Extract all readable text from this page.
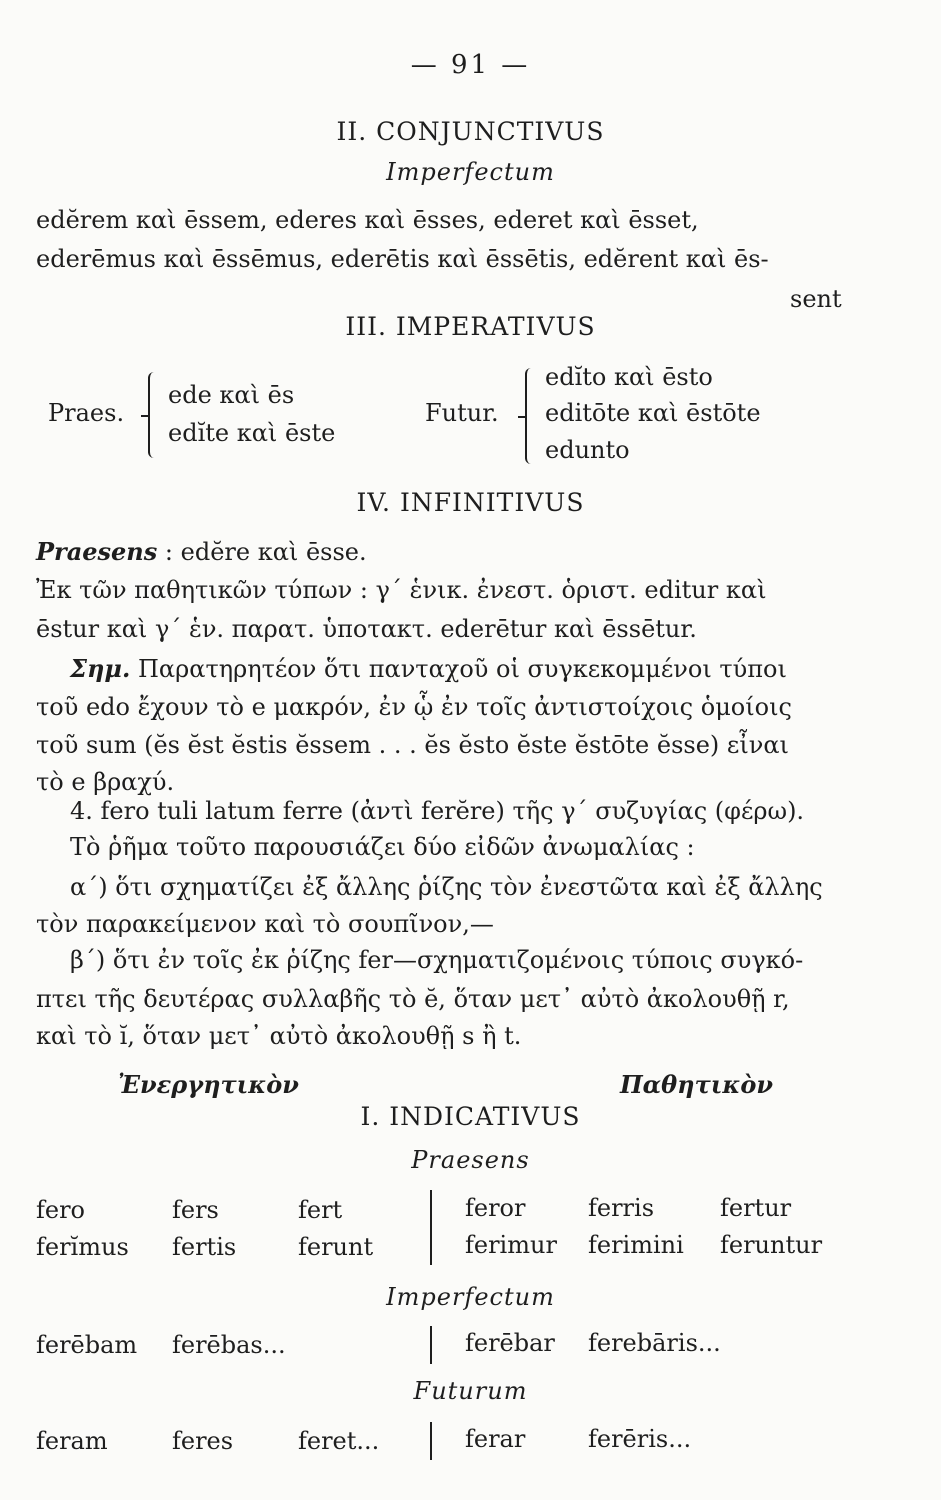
— 91 —
II. CONJUNCTIVUS
Imperfectum
edĕrem καὶ ēssem, ederes καὶ ēsses, ederet καὶ ēsset,
ederēmus καὶ ēssēmus, ederētis καὶ ēssētis, edĕrent καὶ ēs-
sent
III. IMPERATIVUS
Praes.
ede καὶ ēs
edĭte καὶ ēste
Futur.
edĭto καὶ ēsto
editōte καὶ ēstōte
edunto
IV. INFINITIVUS
Praesens : edĕre καὶ ēsse.
Ἐκ τῶν παθητικῶν τύπων : γ´ ἑνικ. ἐνεστ. ὁριστ. editur καὶ
ēstur καὶ γ´ ἑν. παρατ. ὑποτακτ. ederētur καὶ ēssētur.
Σημ. Παρατηρητέον ὅτι πανταχοῦ οἱ συγκεκομμένοι τύποι
τοῦ edo ἔχουν τὸ e μακρόν, ἐν ᾧ ἐν τοῖς ἀντιστοίχοις ὁμοίοις
τοῦ sum (ĕs ĕst ĕstis ĕssem . . . ĕs ĕsto ĕste ĕstōte ĕsse) εἶναι
τὸ e βραχύ.
4. fero tuli latum ferre (ἀντὶ ferĕre) τῆς γ´ συζυγίας (φέρω).
Τὸ ῥῆμα τοῦτο παρουσιάζει δύο εἰδῶν ἀνωμαλίας :
α´) ὅτι σχηματίζει ἐξ ἄλλης ῥίζης τὸν ἐνεστῶτα καὶ ἐξ ἄλλης
τὸν παρακείμενον καὶ τὸ σουπῖνον,—
β´) ὅτι ἐν τοῖς ἐκ ῥίζης fer—σχηματιζομένοις τύποις συγκό-
πτει τῆς δευτέρας συλλαβῆς τὸ ĕ, ὅταν μετ᾽ αὐτὸ ἀκολουθῇ r,
καὶ τὸ ĭ, ὅταν μετ᾽ αὐτὸ ἀκολουθῇ s ἢ t.
Ἐνεργητικὸν	Παθητικὸν
I. INDICATIVUS
Praesens
fero	fers	fert	feror	ferris	fertur
ferĭmus fertis	ferunt	ferimur ferimini feruntur
Imperfectum
ferēbam ferēbas...	ferēbar ferebāris...
Futurum
feram	feres	feret...	ferar	ferēris...
